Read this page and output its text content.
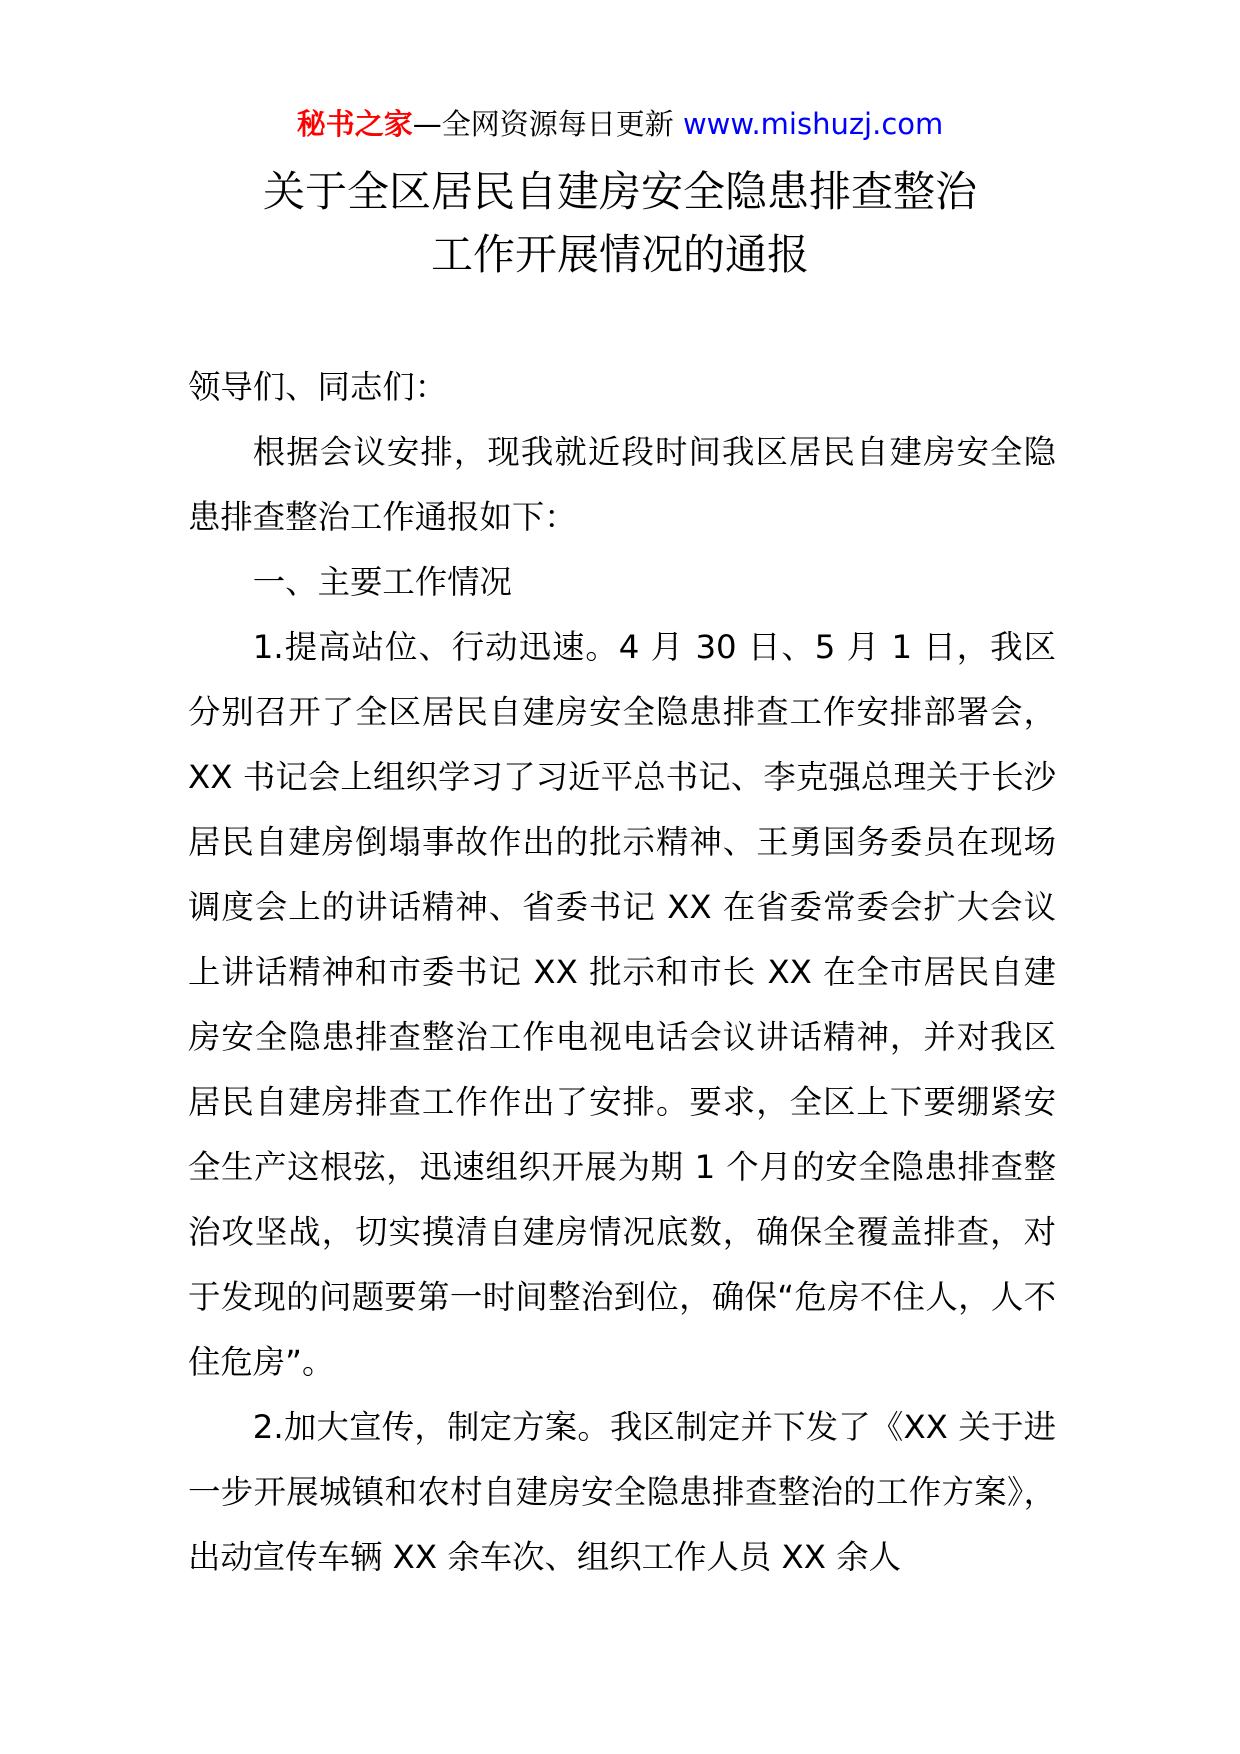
秘书之家—全网资源每日更新 www.mishuzj.com
关于全区居民自建房安全隐患排查整治
工作开展情况的通报

领导们、同志们：

根据会议安排，现我就近段时间我区居民自建房安全隐患排查整治工作通报如下：

一、主要工作情况

1.提高站位、行动迅速。4 月 30 日、5 月 1 日，我区分别召开了全区居民自建房安全隐患排查工作安排部署会，XX 书记会上组织学习了习近平总书记、李克强总理关于长沙居民自建房倒塌事故作出的批示精神、王勇国务委员在现场调度会上的讲话精神、省委书记 XX 在省委常委会扩大会议上讲话精神和市委书记 XX 批示和市长 XX 在全市居民自建房安全隐患排查整治工作电视电话会议讲话精神，并对我区居民自建房排查工作作出了安排。要求，全区上下要绷紧安全生产这根弦，迅速组织开展为期 1 个月的安全隐患排查整治攻坚战，切实摸清自建房情况底数，确保全覆盖排查，对于发现的问题要第一时间整治到位，确保“危房不住人，人不住危房”。

2.加大宣传，制定方案。我区制定并下发了《XX 关于进一步开展城镇和农村自建房安全隐患排查整治的工作方案》，出动宣传车辆 XX 余车次、组织工作人员 XX 余人
